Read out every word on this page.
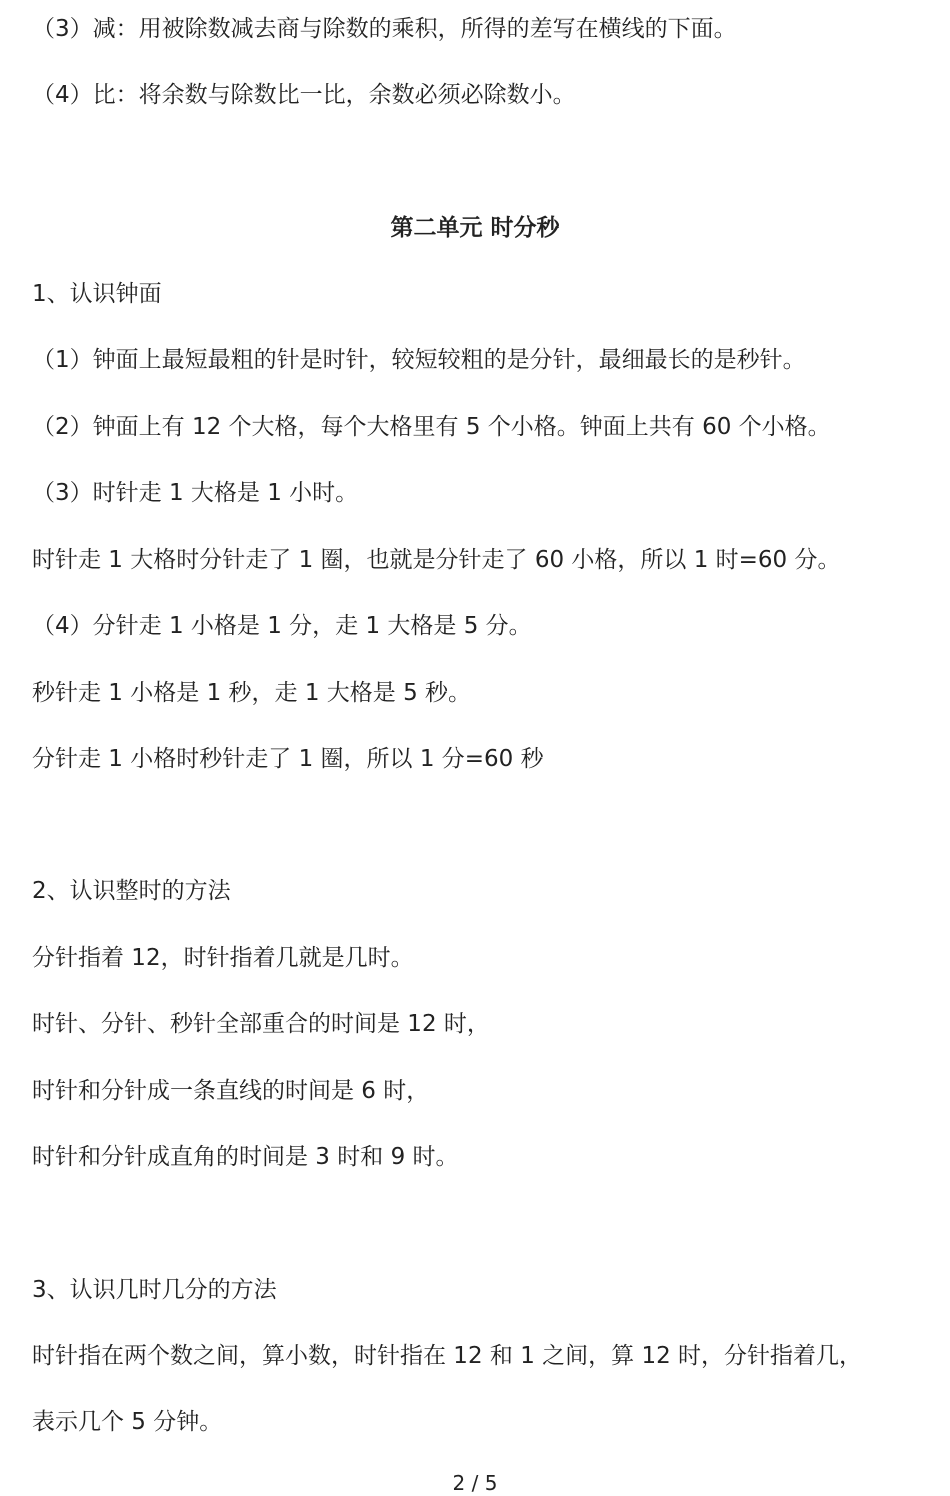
（3）减：用被除数减去商与除数的乘积，所得的差写在横线的下面。
（4）比：将余数与除数比一比，余数必须必除数小。
第二单元 时分秒
1、认识钟面
（1）钟面上最短最粗的针是时针，较短较粗的是分针，最细最长的是秒针。
（2）钟面上有 12 个大格，每个大格里有 5 个小格。钟面上共有 60 个小格。
（3）时针走 1 大格是 1 小时。
时针走 1 大格时分针走了 1 圈，也就是分针走了 60 小格，所以 1 时=60 分。
（4）分针走 1 小格是 1 分，走 1 大格是 5 分。
秒针走 1 小格是 1 秒，走 1 大格是 5 秒。
分针走 1 小格时秒针走了 1 圈，所以 1 分=60 秒
2、认识整时的方法
分针指着 12，时针指着几就是几时。
时针、分针、秒针全部重合的时间是 12 时，
时针和分针成一条直线的时间是 6 时，
时针和分针成直角的时间是 3 时和 9 时。
3、认识几时几分的方法
时针指在两个数之间，算小数，时针指在 12 和 1 之间，算 12 时，分针指着几，
表示几个 5 分钟。
2 / 5
